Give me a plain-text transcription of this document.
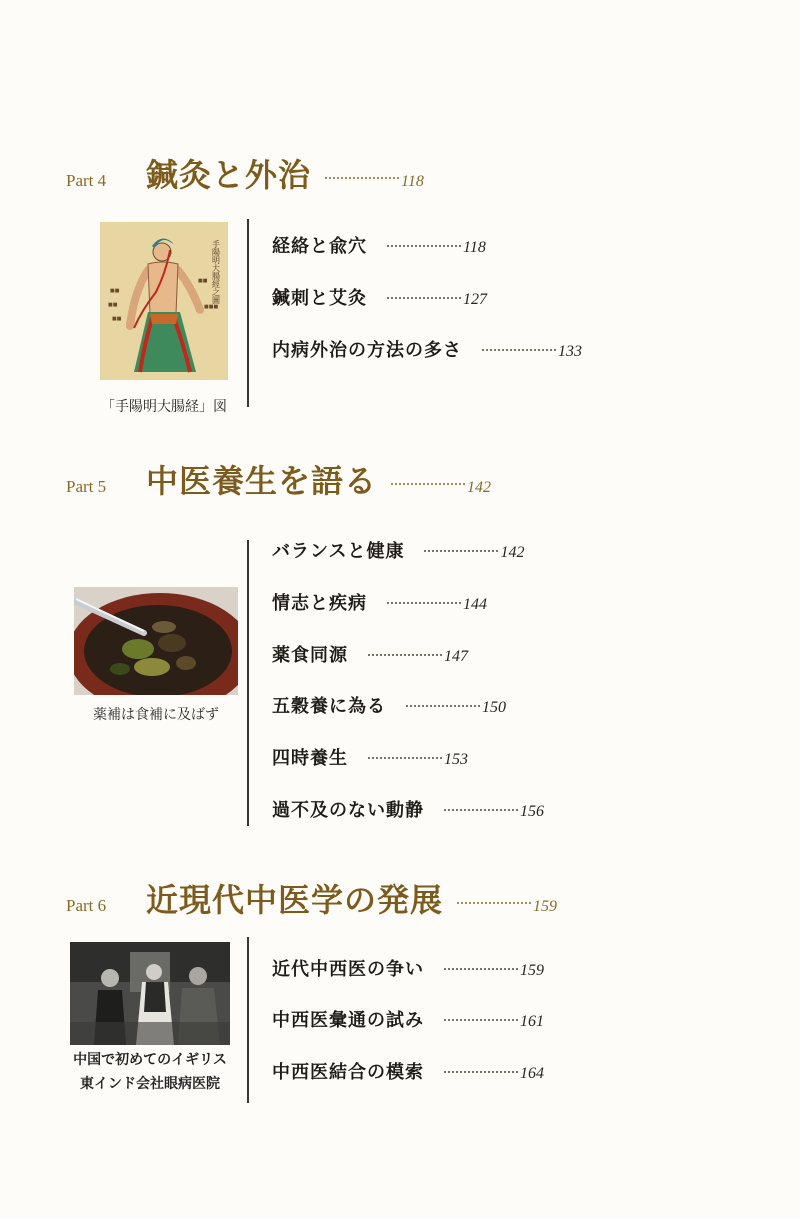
Part 4	鍼灸と外治	118
■■
■■
■■
■■
■■■
手陽明大腸經之圖
「手陽明大腸経」図
経絡と兪穴	118
鍼刺と艾灸	127
内病外治の方法の多さ	133
Part 5	中医養生を語る	142
薬補は食補に及ばず
バランスと健康	142
情志と疾病	144
薬食同源	147
五穀養に為る	150
四時養生	153
過不及のない動静	156
Part 6	近現代中医学の発展	159
中国で初めてのイギリス
東インド会社眼病医院
近代中西医の争い	159
中西医彙通の試み	161
中西医結合の模索	164
